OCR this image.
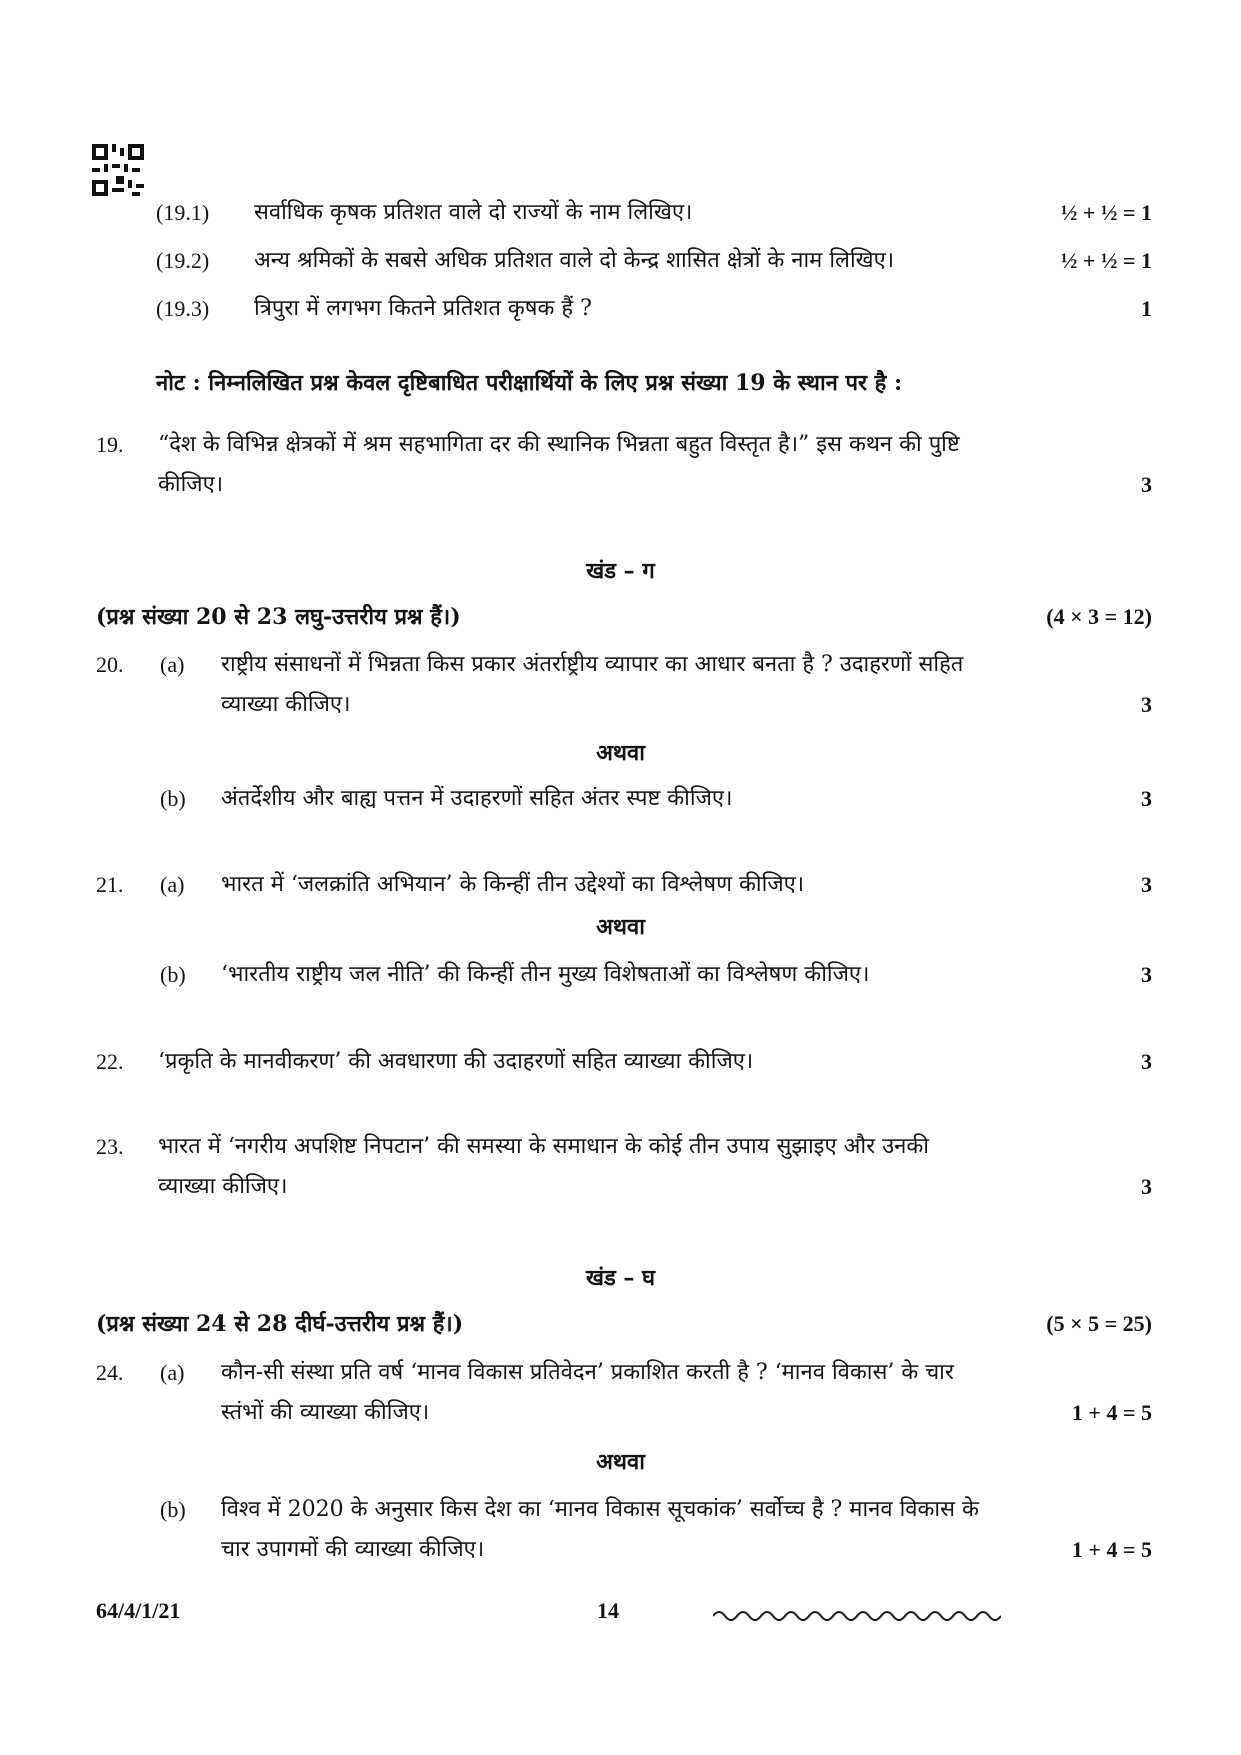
(19.1) सर्वाधिक कृषक प्रतिशत वाले दो राज्यों के नाम लिखिए।	½ + ½ = 1
(19.2) अन्य श्रमिकों के सबसे अधिक प्रतिशत वाले दो केन्द्र शासित क्षेत्रों के नाम लिखिए।	½ + ½ = 1
(19.3) त्रिपुरा में लगभग कितने प्रतिशत कृषक हैं ?	1
नोट : निम्नलिखित प्रश्न केवल दृष्टिबाधित परीक्षार्थियों के लिए प्रश्न संख्या 19 के स्थान पर है :
19. “देश के विभिन्न क्षेत्रकों में श्रम सहभागिता दर की स्थानिक भिन्नता बहुत विस्तृत है।” इस कथन की पुष्टि
कीजिए।	3
खंड – ग
(प्रश्न संख्या 20 से 23 लघु-उत्तरीय प्रश्न हैं।)	(4 × 3 = 12)
20. (a) राष्ट्रीय संसाधनों में भिन्नता किस प्रकार अंतर्राष्ट्रीय व्यापार का आधार बनता है ? उदाहरणों सहित
व्याख्या कीजिए।	3
अथवा
(b) अंतर्देशीय और बाह्य पत्तन में उदाहरणों सहित अंतर स्पष्ट कीजिए।	3
21. (a) भारत में ‘जलक्रांति अभियान’ के किन्हीं तीन उद्देश्यों का विश्लेषण कीजिए।	3
अथवा
(b) ‘भारतीय राष्ट्रीय जल नीति’ की किन्हीं तीन मुख्य विशेषताओं का विश्लेषण कीजिए।	3
22. ‘प्रकृति के मानवीकरण’ की अवधारणा की उदाहरणों सहित व्याख्या कीजिए।	3
23. भारत में ‘नगरीय अपशिष्ट निपटान’ की समस्या के समाधान के कोई तीन उपाय सुझाइए और उनकी
व्याख्या कीजिए।	3
खंड – घ
(प्रश्न संख्या 24 से 28 दीर्घ-उत्तरीय प्रश्न हैं।)	(5 × 5 = 25)
24. (a) कौन-सी संस्था प्रति वर्ष ‘मानव विकास प्रतिवेदन’ प्रकाशित करती है ? ‘मानव विकास’ के चार
स्तंभों की व्याख्या कीजिए।	1 + 4 = 5
अथवा
(b) विश्व में 2020 के अनुसार किस देश का ‘मानव विकास सूचकांक’ सर्वोच्च है ? मानव विकास के
चार उपागमों की व्याख्या कीजिए।	1 + 4 = 5
64/4/1/21	14
